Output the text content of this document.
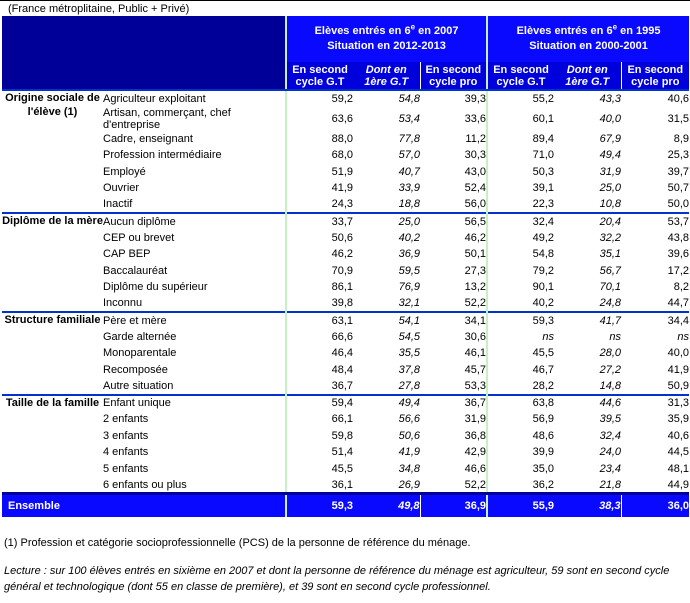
(France métroplitaine, Public + Privé)
		Elèves entrés en 6e en 2007
Situation en 2012-2013			Elèves entrés en 6e en 1995
Situation en 2000-2001		
		En second cycle G.T	Dont en 1ère G.T	En second cycle pro	En second cycle G.T	Dont en 1ère G.T	En second cycle pro
Origine sociale de l'élève (1)	Agriculteur exploitant	59,2	54,8	39,3	55,2	43,3	40,6
	Artisan, commerçant, chef d'entreprise	63,6	53,4	33,6	60,1	40,0	31,5
	Cadre, enseignant	88,0	77,8	11,2	89,4	67,9	8,9
	Profession intermédiaire	68,0	57,0	30,3	71,0	49,4	25,3
	Employé	51,9	40,7	43,0	50,3	31,9	39,7
	Ouvrier	41,9	33,9	52,4	39,1	25,0	50,7
	Inactif	24,3	18,8	56,0	22,3	10,8	50,0
Diplôme de la mère	Aucun diplôme	33,7	25,0	56,5	32,4	20,4	53,7
	CEP ou brevet	50,6	40,2	46,2	49,2	32,2	43,8
	CAP BEP	46,2	36,9	50,1	54,8	35,1	39,6
	Baccalauréat	70,9	59,5	27,3	79,2	56,7	17,2
	Diplôme du supérieur	86,1	76,9	13,2	90,1	70,1	8,2
	Inconnu	39,8	32,1	52,2	40,2	24,8	44,7
Structure familiale	Père et mère	63,1	54,1	34,1	59,3	41,7	34,4
	Garde alternée	66,6	54,5	30,6	ns	ns	ns
	Monoparentale	46,4	35,5	46,1	45,5	28,0	40,0
	Recomposée	48,4	37,8	45,7	46,7	27,2	41,9
	Autre situation	36,7	27,8	53,3	28,2	14,8	50,9
Taille de la famille	Enfant unique	59,4	49,4	36,7	63,8	44,6	31,3
	2 enfants	66,1	56,6	31,9	56,9	39,5	35,9
	3 enfants	59,8	50,6	36,8	48,6	32,4	40,6
	4 enfants	51,4	41,9	42,9	39,9	24,0	44,5
	5 enfants	45,5	34,8	46,6	35,0	23,4	48,1
	6 enfants ou plus	36,1	26,9	52,2	36,2	21,8	44,9
Ensemble		59,3	49,8	36,9	55,9	38,3	36,0
(1) Profession et catégorie socioprofessionnelle (PCS) de la personne de référence du ménage.
Lecture : sur 100 élèves entrés en sixième en 2007 et dont la personne de référence du ménage est agriculteur, 59 sont en second cycle général et technologique (dont 55 en classe de première), et 39 sont en second cycle professionnel.
